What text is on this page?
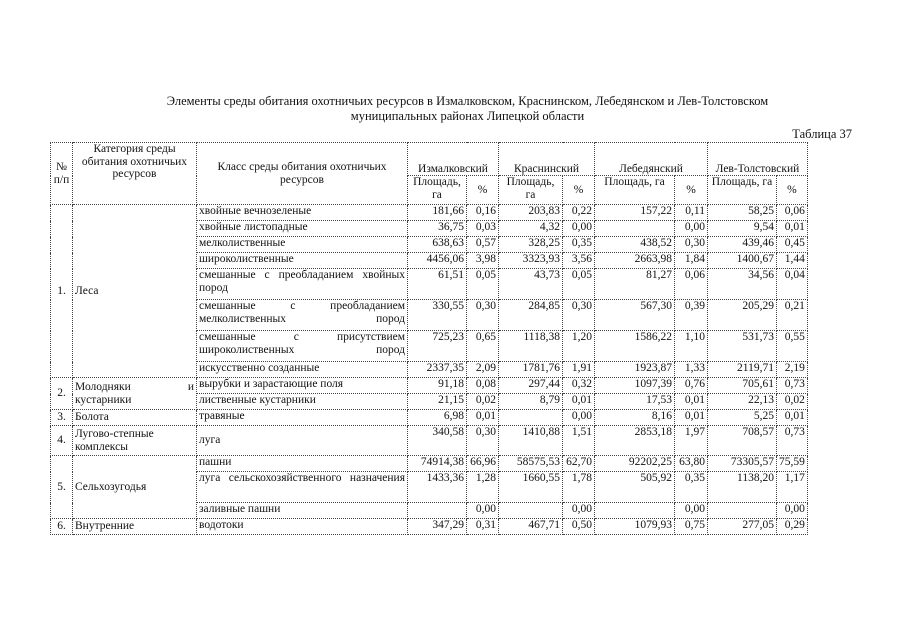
Элементы среды обитания охотничьих ресурсов в Измалковском, Краснинском, Лебедянском и Лев-Толстовском
муниципальных районах Липецкой области
Таблица 37
№ п/п	Категория среды обитания охотничьих ресурсов	Класс среды обитания охотничьих ресурсов	Измалковский		Краснинский		Лебедянский		Лев-Толстовский	
			Площадь, га	%	Площадь, га	%	Площадь, га	%	Площадь, га	%
1.	Леса	хвойные вечнозеленые	181,66	0,16	203,83	0,22	157,22	0,11	58,25	0,06
		хвойные листопадные	36,75	0,03	4,32	0,00		0,00	9,54	0,01
		мелколиственные	638,63	0,57	328,25	0,35	438,52	0,30	439,46	0,45
		широколиственные	4456,06	3,98	3323,93	3,56	2663,98	1,84	1400,67	1,44
		смешанные с преобладанием хвойных пород	61,51	0,05	43,73	0,05	81,27	0,06	34,56	0,04
		смешанные с преобладанием мелколиственных пород	330,55	0,30	284,85	0,30	567,30	0,39	205,29	0,21
		смешанные с присутствием широколиственных пород	725,23	0,65	1118,38	1,20	1586,22	1,10	531,73	0,55
		искусственно созданные	2337,35	2,09	1781,76	1,91	1923,87	1,33	2119,71	2,19
2.	Молодняки и кустарники	вырубки и зарастающие поля	91,18	0,08	297,44	0,32	1097,39	0,76	705,61	0,73
		лиственные кустарники	21,15	0,02	8,79	0,01	17,53	0,01	22,13	0,02
3.	Болота	травяные	6,98	0,01		0,00	8,16	0,01	5,25	0,01
4.	Лугово-степные комплексы	луга	340,58	0,30	1410,88	1,51	2853,18	1,97	708,57	0,73
5.	Сельхозугодья	пашни	74914,38	66,96	58575,53	62,70	92202,25	63,80	73305,57	75,59
		луга сельскохозяйственного назначения	1433,36	1,28	1660,55	1,78	505,92	0,35	1138,20	1,17
		заливные пашни		0,00		0,00		0,00		0,00
6.	Внутренние	водотоки	347,29	0,31	467,71	0,50	1079,93	0,75	277,05	0,29
